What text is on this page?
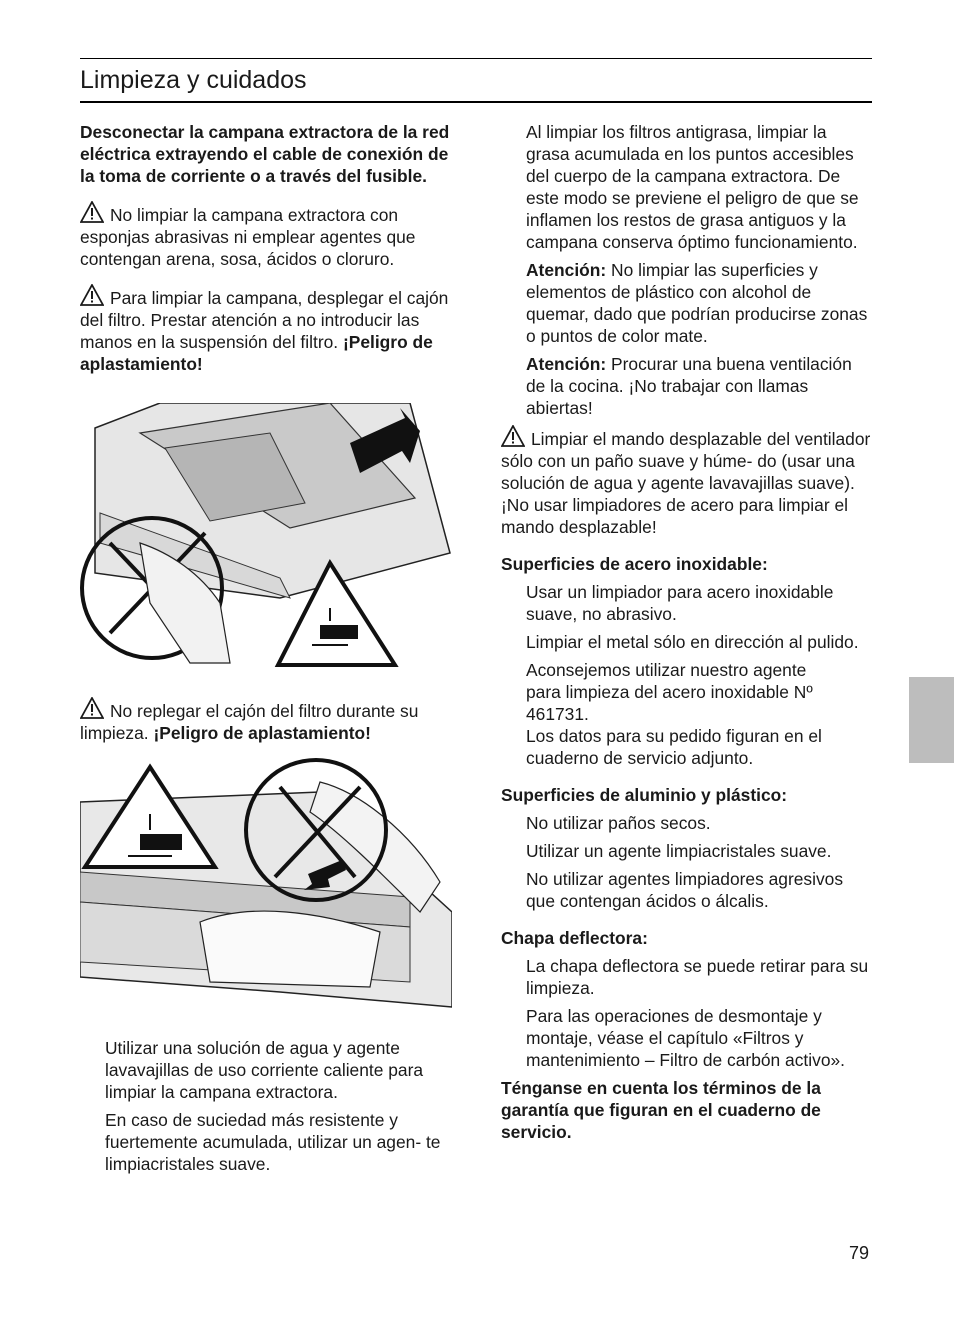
Limpieza y cuidados

Desconectar la campana extractora de la red eléctrica extrayendo el cable de conexión de la toma de corriente o a través del fusible.

No limpiar la campana extractora con esponjas abrasivas ni emplear agentes que contengan arena, sosa, ácidos o cloruro.

Para limpiar la campana, desplegar el cajón del filtro. Prestar atención a no introducir las manos en la suspensión del filtro. ¡Peligro de aplastamiento!

No replegar el cajón del filtro durante su limpieza. ¡Peligro de aplastamiento!

Utilizar una solución de agua y agente lavavajillas de uso corriente caliente para limpiar la campana extractora.

En caso de suciedad más resistente y fuertemente acumulada, utilizar un agen- te limpiacristales suave.

Al limpiar los filtros antigrasa, limpiar la grasa acumulada en los puntos accesibles del cuerpo de la campana extractora. De este modo se previene el peligro de que se inflamen los restos de grasa antiguos y la campana conserva óptimo funcionamiento.

Atención: No limpiar las superficies y elementos de plástico con alcohol de quemar, dado que podrían producirse zonas o puntos de color mate.

Atención: Procurar una buena ventilación de la cocina. ¡No trabajar con llamas abiertas!

Limpiar el mando desplazable del ventilador sólo con un paño suave y húme- do (usar una solución de agua y agente lavavajillas suave).

¡No usar limpiadores de acero para limpiar el mando desplazable!

Superficies de acero inoxidable:

Usar un limpiador para acero inoxidable suave, no abrasivo.

Limpiar el metal sólo en dirección al pulido.

Aconsejemos utilizar nuestro agente para limpieza del acero inoxidable Nº 461731.

Los datos para su pedido figuran en el cuaderno de servicio adjunto.

Superficies de aluminio y plástico:

No utilizar paños secos.

Utilizar un agente limpiacristales suave.

No utilizar agentes limpiadores agresivos que contengan ácidos o álcalis.

Chapa deflectora:

La chapa deflectora se puede retirar para su limpieza.

Para las operaciones de desmontaje y montaje, véase el capítulo «Filtros y mantenimiento – Filtro de carbón activo».

Ténganse en cuenta los términos de la garantía que figuran en el cuaderno de servicio.

79
